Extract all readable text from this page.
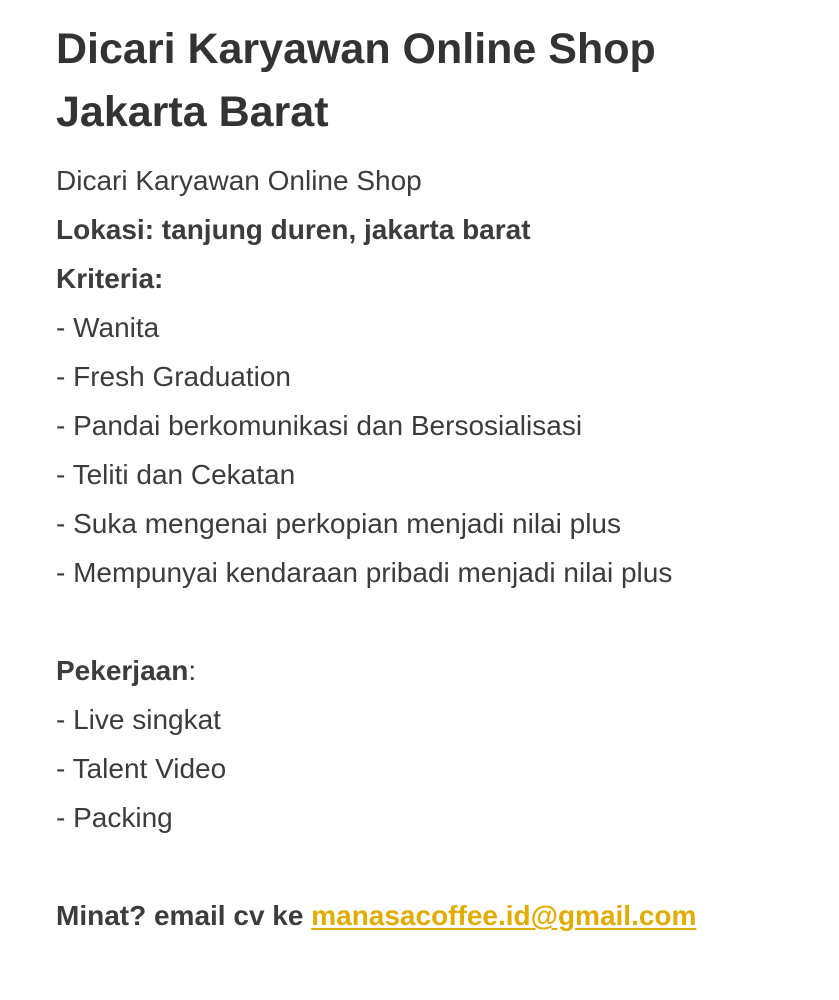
Dicari Karyawan Online Shop Jakarta Barat
Dicari Karyawan Online Shop
Lokasi: tanjung duren, jakarta barat
Kriteria:
- Wanita
- Fresh Graduation
- Pandai berkomunikasi dan Bersosialisasi
- Teliti dan Cekatan
- Suka mengenai perkopian menjadi nilai plus
- Mempunyai kendaraan pribadi menjadi nilai plus
Pekerjaan:
- Live singkat
- Talent Video
- Packing
Minat? email cv ke manasacoffee.id@gmail.com
